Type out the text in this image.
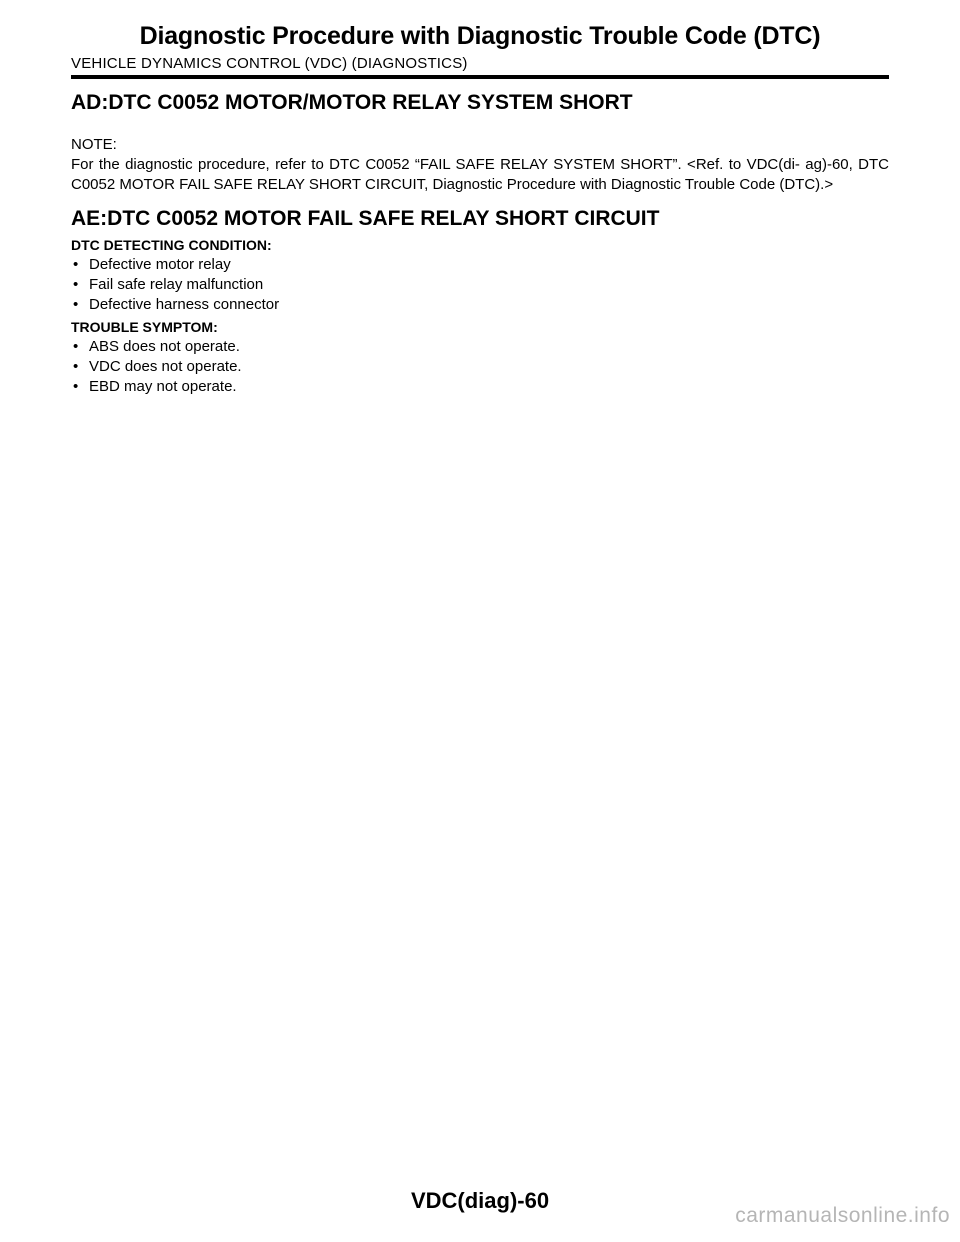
Diagnostic Procedure with Diagnostic Trouble Code (DTC)
VEHICLE DYNAMICS CONTROL (VDC) (DIAGNOSTICS)
AD:DTC C0052 MOTOR/MOTOR RELAY SYSTEM SHORT
NOTE:
For the diagnostic procedure, refer to DTC C0052 “FAIL SAFE RELAY SYSTEM SHORT”. <Ref. to VDC(di- ag)-60, DTC C0052 MOTOR FAIL SAFE RELAY SHORT CIRCUIT, Diagnostic Procedure with Diagnostic Trouble Code (DTC).>
AE:DTC C0052 MOTOR FAIL SAFE RELAY SHORT CIRCUIT
DTC DETECTING CONDITION:
• Defective motor relay
• Fail safe relay malfunction
• Defective harness connector
TROUBLE SYMPTOM:
• ABS does not operate.
• VDC does not operate.
• EBD may not operate.
VDC(diag)-60
carmanualsonline.info
